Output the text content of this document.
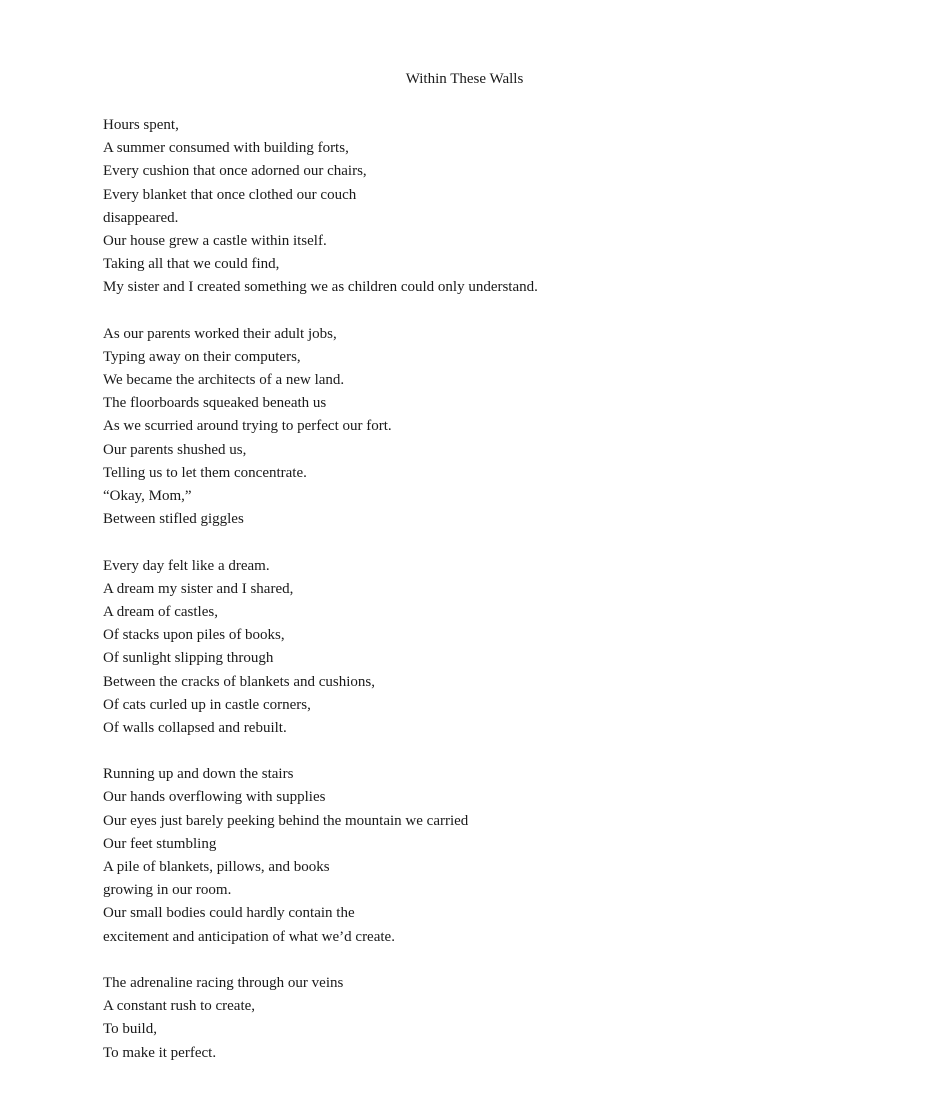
Within These Walls
Hours spent,
A summer consumed with building forts,
Every cushion that once adorned our chairs,
Every blanket that once clothed our couch
disappeared.
Our house grew a castle within itself.
Taking all that we could find,
My sister and I created something we as children could only understand.
As our parents worked their adult jobs,
Typing away on their computers,
We became the architects of a new land.
The floorboards squeaked beneath us
As we scurried around trying to perfect our fort.
Our parents shushed us,
Telling us to let them concentrate.
“Okay, Mom,”
Between stifled giggles
Every day felt like a dream.
A dream my sister and I shared,
A dream of castles,
Of stacks upon piles of books,
Of sunlight slipping through
Between the cracks of blankets and cushions,
Of cats curled up in castle corners,
Of walls collapsed and rebuilt.
Running up and down the stairs
Our hands overflowing with supplies
Our eyes just barely peeking behind the mountain we carried
Our feet stumbling
A pile of blankets, pillows, and books
growing in our room.
Our small bodies could hardly contain the
excitement and anticipation of what we’d create.
The adrenaline racing through our veins
A constant rush to create,
To build,
To make it perfect.
